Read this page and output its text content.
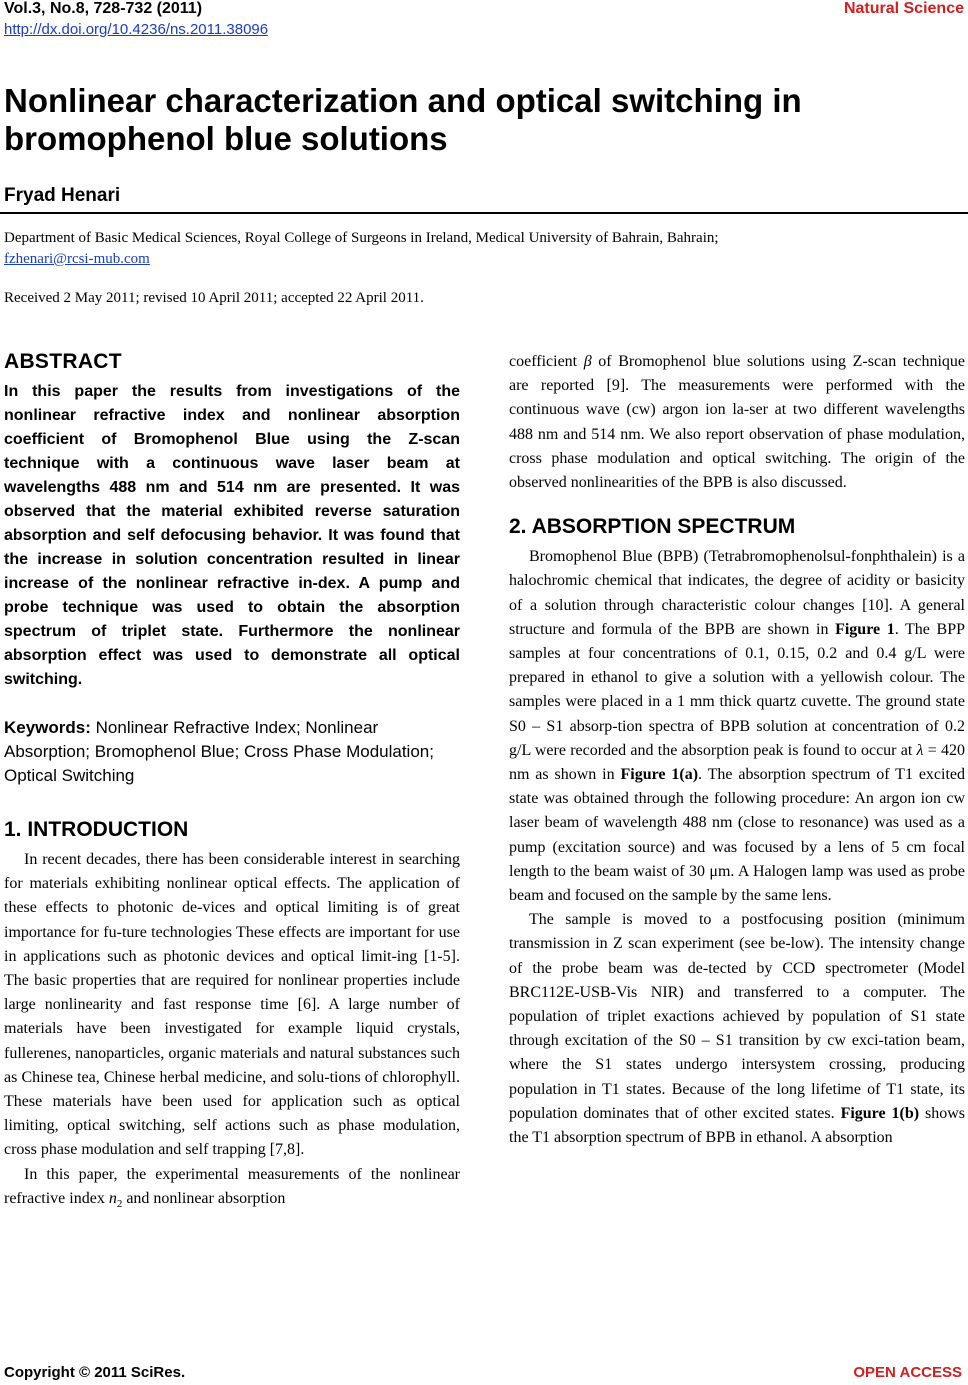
Vol.3, No.8, 728-732 (2011)
http://dx.doi.org/10.4236/ns.2011.38096
Natural Science
Nonlinear characterization and optical switching in
bromophenol blue solutions
Fryad Henari
Department of Basic Medical Sciences, Royal College of Surgeons in Ireland, Medical University of Bahrain, Bahrain;
fzhenari@rcsi-mub.com
Received 2 May 2011; revised 10 April 2011; accepted 22 April 2011.
ABSTRACT

In this paper the results from investigations of the nonlinear refractive index and nonlinear absorption coefficient of Bromophenol Blue using the Z-scan technique with a continuous wave laser beam at wavelengths 488 nm and 514 nm are presented. It was observed that the material exhibited reverse saturation absorption and self defocusing behavior. It was found that the increase in solution concentration resulted in linear increase of the nonlinear refractive in-dex. A pump and probe technique was used to obtain the absorption spectrum of triplet state. Furthermore the nonlinear absorption effect was used to demonstrate all optical switching.

Keywords: Nonlinear Refractive Index; Nonlinear Absorption; Bromophenol Blue; Cross Phase Modulation; Optical Switching

1. INTRODUCTION

In recent decades, there has been considerable interest in searching for materials exhibiting nonlinear optical effects. The application of these effects to photonic de-vices and optical limiting is of great importance for fu-ture technologies These effects are important for use in applications such as photonic devices and optical limit-ing [1-5]. The basic properties that are required for nonlinear properties include large nonlinearity and fast response time [6]. A large number of materials have been investigated for example liquid crystals, fullerenes, nanoparticles, organic materials and natural substances such as Chinese tea, Chinese herbal medicine, and solu-tions of chlorophyll. These materials have been used for application such as optical limiting, optical switching, self actions such as phase modulation, cross phase modulation and self trapping [7,8].

In this paper, the experimental measurements of the nonlinear refractive index $n_2$ and nonlinear absorption

coefficient β of Bromophenol blue solutions using Z-scan technique are reported [9]. The measurements were performed with the continuous wave (cw) argon ion la-ser at two different wavelengths 488 nm and 514 nm. We also report observation of phase modulation, cross phase modulation and optical switching. The origin of the observed nonlinearities of the BPB is also discussed.

2. ABSORPTION SPECTRUM

Bromophenol Blue (BPB) (Tetrabromophenolsul-fonphthalein) is a halochromic chemical that indicates, the degree of acidity or basicity of a solution through characteristic colour changes [10]. A general structure and formula of the BPB are shown in Figure 1. The BPP samples at four concentrations of 0.1, 0.15, 0.2 and 0.4 g/L were prepared in ethanol to give a solution with a yellowish colour. The samples were placed in a 1 mm thick quartz cuvette. The ground state S0 – S1 absorp-tion spectra of BPB solution at concentration of 0.2 g/L were recorded and the absorption peak is found to occur at λ = 420 nm as shown in Figure 1(a). The absorption spectrum of T1 excited state was obtained through the following procedure: An argon ion cw laser beam of wavelength 488 nm (close to resonance) was used as a pump (excitation source) and was focused by a lens of 5 cm focal length to the beam waist of 30 μm. A Halogen lamp was used as probe beam and focused on the sample by the same lens.

The sample is moved to a postfocusing position (minimum transmission in Z scan experiment (see be-low). The intensity change of the probe beam was de-tected by CCD spectrometer (Model BRC112E-USB-Vis NIR) and transferred to a computer. The population of triplet exactions achieved by population of S1 state through excitation of the S0 – S1 transition by cw exci-tation beam, where the S1 states undergo intersystem crossing, producing population in T1 states. Because of the long lifetime of T1 state, its population dominates that of other excited states. Figure 1(b) shows the T1 absorption spectrum of BPB in ethanol. A absorption

Copyright © 2011 SciRes.	OPEN ACCESS
